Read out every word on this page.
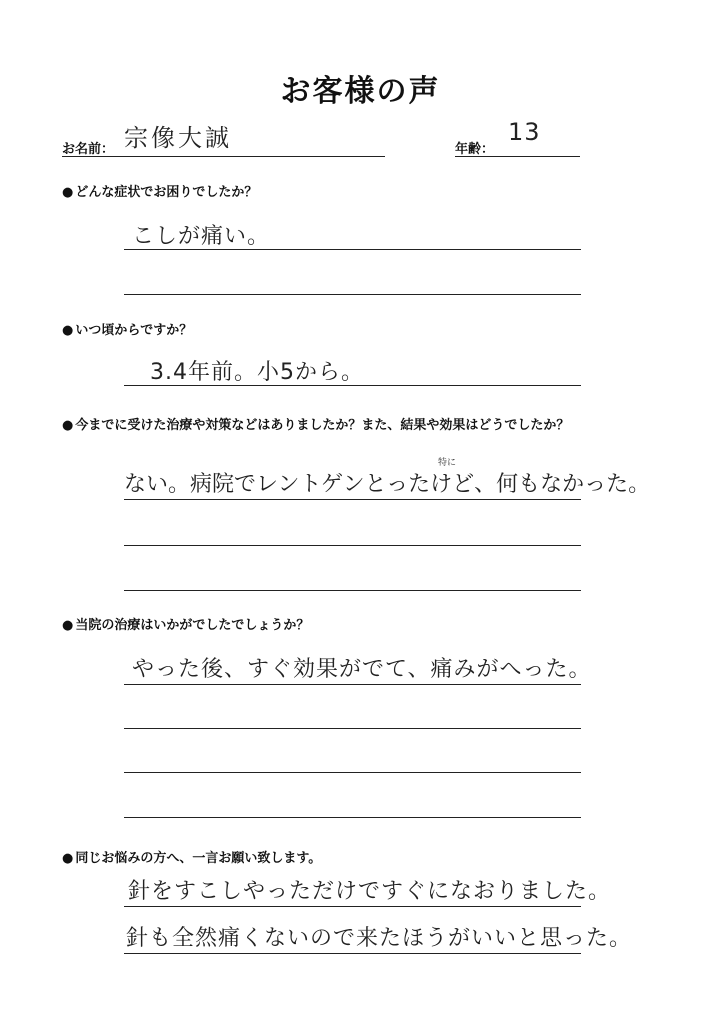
お客様の声
お名前： 宗像大誠	年齢：
13
● どんな症状でお困りでしたか？
こしが痛い。
● いつ頃からですか？
3.4年前。小5から。
● 今までに受けた治療や対策などはありましたか？また、結果や効果はどうでしたか？
特に
ない。病院でレントゲンとったけど、何もなかった。
● 当院の治療はいかがでしたでしょうか？
やった後、すぐ効果がでて、痛みがへった。
● 同じお悩みの方へ、一言お願い致します。
針をすこしやっただけですぐになおりました。
針も全然痛くないので来たほうがいいと思った。
